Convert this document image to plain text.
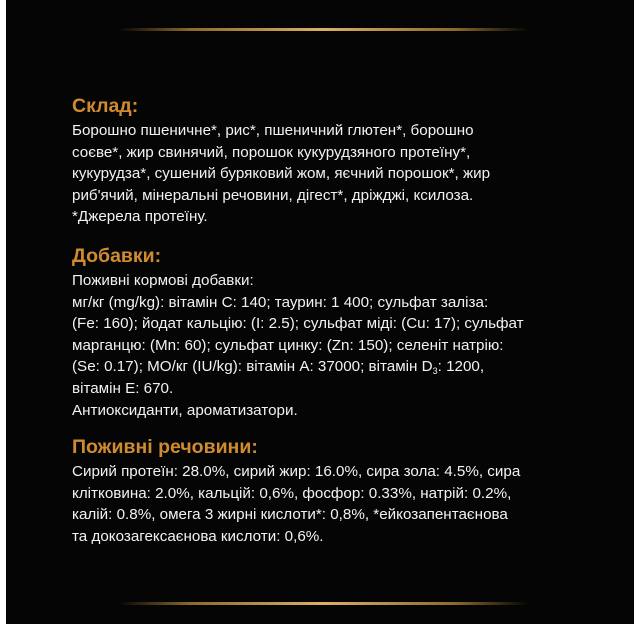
Склад:

Борошно пшеничне*, рис*, пшеничний глютен*, борошно

соєве*, жир свинячий, порошок кукурудзяного протеїну*,

кукурудза*, сушений буряковий жом, яєчний порошок*, жир

риб'ячий, мінеральні речовини, дігест*, дріжджі, ксилоза.

*Джерела протеїну.

Добавки:

Поживні кормові добавки:

мг/кг (mg/kg): вітамін С: 140; таурин: 1 400; сульфат заліза:

(Fe: 160); йодат кальцію: (I: 2.5); сульфат міді: (Cu: 17); сульфат

марганцю: (Mn: 60); сульфат цинку: (Zn: 150); селеніт натрію:

(Se: 0.17); МО/кг (IU/kg): вітамін А: 37000; вітамін $D_3$: 1200,

вітамін Е: 670.

Антиоксиданти, ароматизатори.

Поживні речовини:

Сирий протеїн: 28.0%, сирий жир: 16.0%, сира зола: 4.5%, сира

клітковина: 2.0%, кальцій: 0,6%, фосфор: 0.33%, натрій: 0.2%,

калій: 0.8%, омега 3 жирні кислоти*: 0,8%, *ейкозапентаєнова

та докозагексаєнова кислоти: 0,6%.
